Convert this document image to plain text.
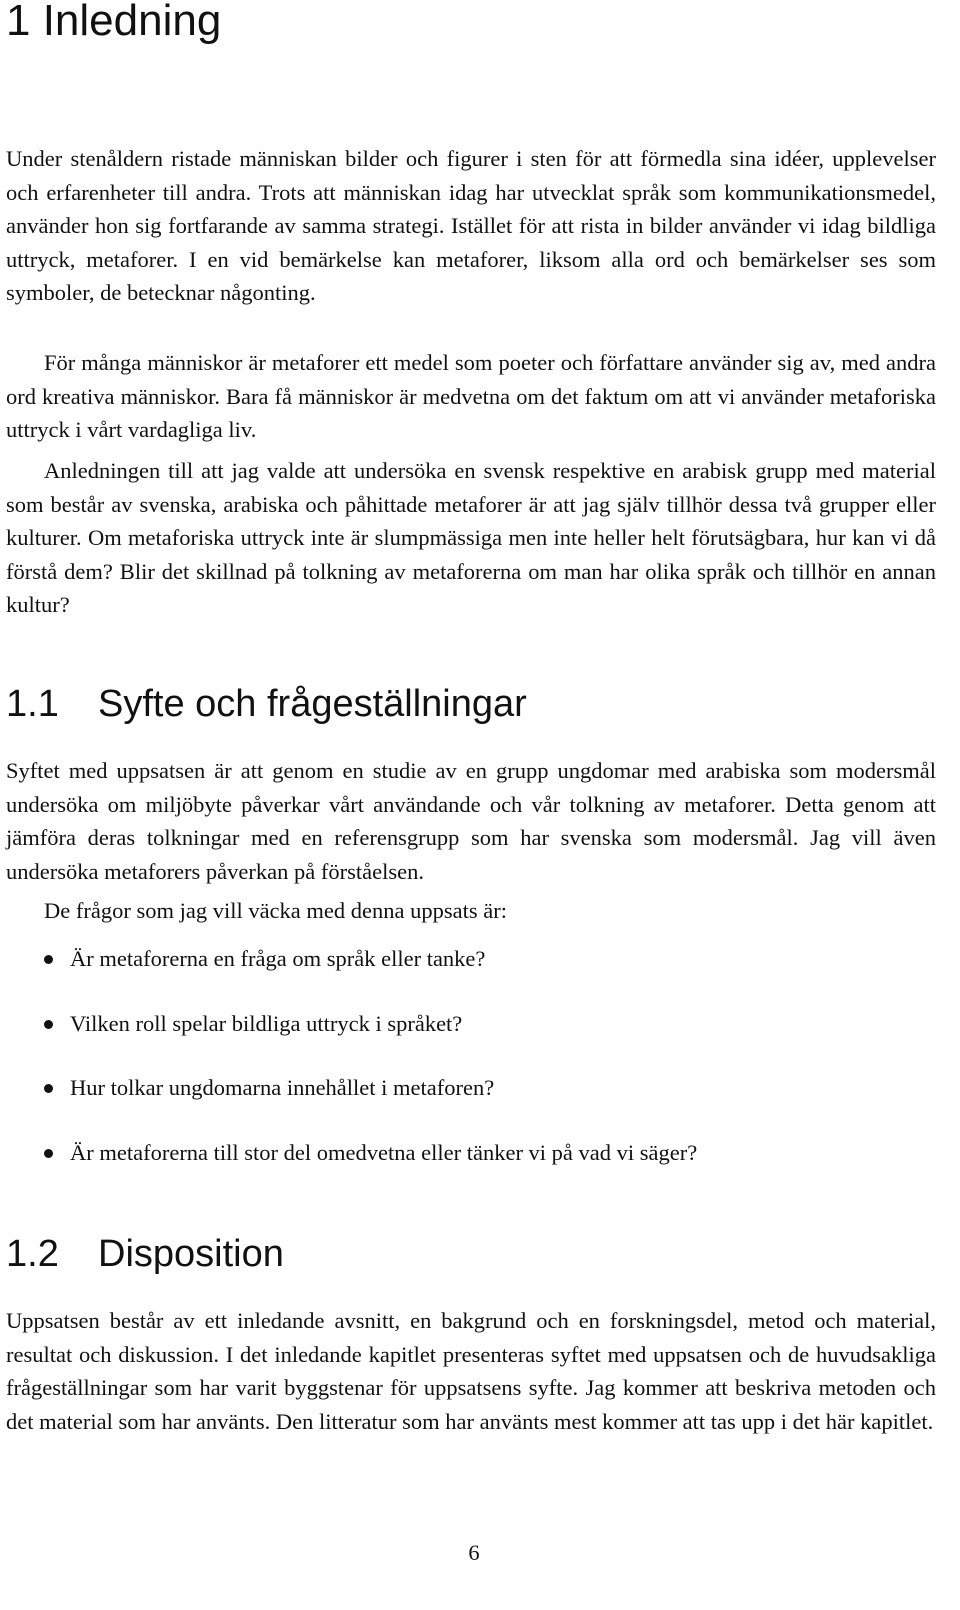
1 Inledning

Under stenåldern ristade människan bilder och figurer i sten för att förmedla sina idéer, upplevelser och erfarenheter till andra. Trots att människan idag har utvecklat språk som kommunikationsmedel, använder hon sig fortfarande av samma strategi. Istället för att rista in bilder använder vi idag bildliga uttryck, metaforer. I en vid bemärkelse kan metaforer, liksom alla ord och bemärkelser ses som symboler, de betecknar någonting.

För många människor är metaforer ett medel som poeter och författare använder sig av, med andra ord kreativa människor. Bara få människor är medvetna om det faktum om att vi använder metaforiska uttryck i vårt vardagliga liv.

Anledningen till att jag valde att undersöka en svensk respektive en arabisk grupp med material som består av svenska, arabiska och påhittade metaforer är att jag själv tillhör dessa två grupper eller kulturer. Om metaforiska uttryck inte är slumpmässiga men inte heller helt förutsägbara, hur kan vi då förstå dem? Blir det skillnad på tolkning av metaforerna om man har olika språk och tillhör en annan kultur?

1.1 Syfte och frågeställningar

Syftet med uppsatsen är att genom en studie av en grupp ungdomar med arabiska som modersmål undersöka om miljöbyte påverkar vårt användande och vår tolkning av metaforer. Detta genom att jämföra deras tolkningar med en referensgrupp som har svenska som modersmål. Jag vill även undersöka metaforers påverkan på förståelsen.

De frågor som jag vill väcka med denna uppsats är:

Är metaforerna en fråga om språk eller tanke?
Vilken roll spelar bildliga uttryck i språket?
Hur tolkar ungdomarna innehållet i metaforen?
Är metaforerna till stor del omedvetna eller tänker vi på vad vi säger?
1.2 Disposition

Uppsatsen består av ett inledande avsnitt, en bakgrund och en forskningsdel, metod och material, resultat och diskussion. I det inledande kapitlet presenteras syftet med uppsatsen och de huvudsakliga frågeställningar som har varit byggstenar för uppsatsens syfte. Jag kommer att beskriva metoden och det material som har använts. Den litteratur som har använts mest kommer att tas upp i det här kapitlet.

6
